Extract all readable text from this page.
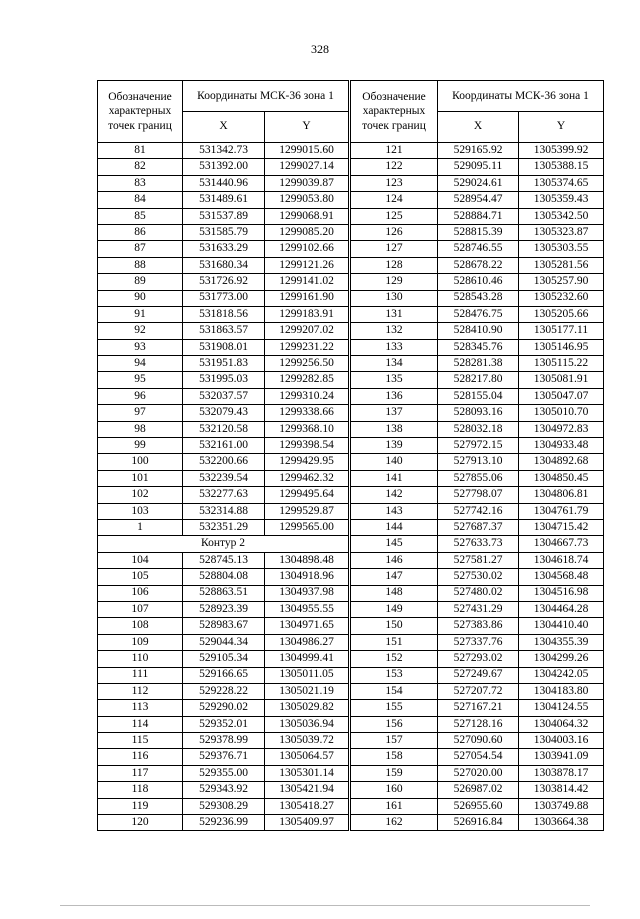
328
Обозначение характерных точек границ	Координаты МСК-36 зона 1	
	X	Y
81	531342.73	1299015.60
82	531392.00	1299027.14
83	531440.96	1299039.87
84	531489.61	1299053.80
85	531537.89	1299068.91
86	531585.79	1299085.20
87	531633.29	1299102.66
88	531680.34	1299121.26
89	531726.92	1299141.02
90	531773.00	1299161.90
91	531818.56	1299183.91
92	531863.57	1299207.02
93	531908.01	1299231.22
94	531951.83	1299256.50
95	531995.03	1299282.85
96	532037.57	1299310.24
97	532079.43	1299338.66
98	532120.58	1299368.10
99	532161.00	1299398.54
100	532200.66	1299429.95
101	532239.54	1299462.32
102	532277.63	1299495.64
103	532314.88	1299529.87
1	532351.29	1299565.00
Контур 2		
104	528745.13	1304898.48
105	528804.08	1304918.96
106	528863.51	1304937.98
107	528923.39	1304955.55
108	528983.67	1304971.65
109	529044.34	1304986.27
110	529105.34	1304999.41
111	529166.65	1305011.05
112	529228.22	1305021.19
113	529290.02	1305029.82
114	529352.01	1305036.94
115	529378.99	1305039.72
116	529376.71	1305064.57
117	529355.00	1305301.14
118	529343.92	1305421.94
119	529308.29	1305418.27
120	529236.99	1305409.97
Обозначение характерных точек границ	Координаты МСК-36 зона 1	
	X	Y
121	529165.92	1305399.92
122	529095.11	1305388.15
123	529024.61	1305374.65
124	528954.47	1305359.43
125	528884.71	1305342.50
126	528815.39	1305323.87
127	528746.55	1305303.55
128	528678.22	1305281.56
129	528610.46	1305257.90
130	528543.28	1305232.60
131	528476.75	1305205.66
132	528410.90	1305177.11
133	528345.76	1305146.95
134	528281.38	1305115.22
135	528217.80	1305081.91
136	528155.04	1305047.07
137	528093.16	1305010.70
138	528032.18	1304972.83
139	527972.15	1304933.48
140	527913.10	1304892.68
141	527855.06	1304850.45
142	527798.07	1304806.81
143	527742.16	1304761.79
144	527687.37	1304715.42
145	527633.73	1304667.73
146	527581.27	1304618.74
147	527530.02	1304568.48
148	527480.02	1304516.98
149	527431.29	1304464.28
150	527383.86	1304410.40
151	527337.76	1304355.39
152	527293.02	1304299.26
153	527249.67	1304242.05
154	527207.72	1304183.80
155	527167.21	1304124.55
156	527128.16	1304064.32
157	527090.60	1304003.16
158	527054.54	1303941.09
159	527020.00	1303878.17
160	526987.02	1303814.42
161	526955.60	1303749.88
162	526916.84	1303664.38
